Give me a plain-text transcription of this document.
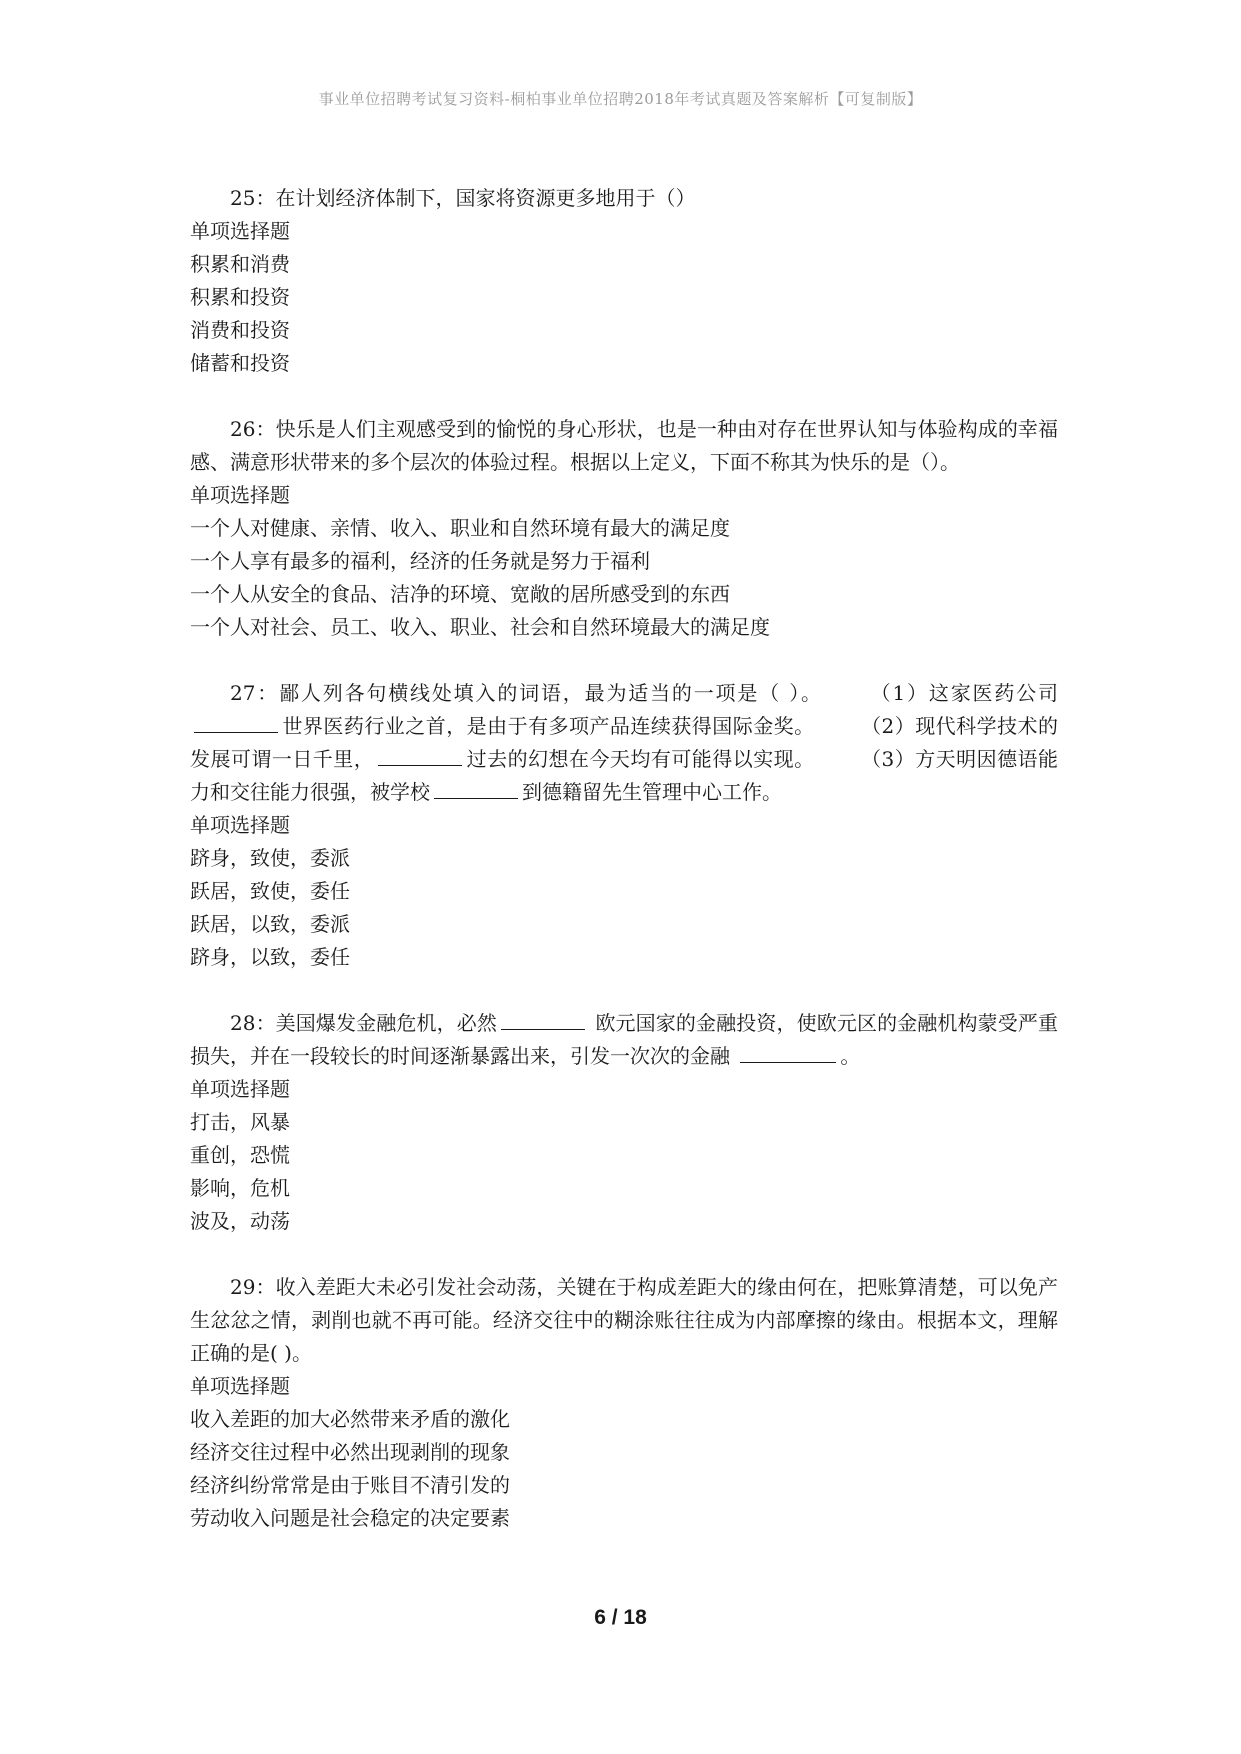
事业单位招聘考试复习资料-桐柏事业单位招聘2018年考试真题及答案解析【可复制版】

25：在计划经济体制下，国家将资源更多地用于（）

单项选择题

积累和消费

积累和投资

消费和投资

储蓄和投资

26：快乐是人们主观感受到的愉悦的身心形状，也是一种由对存在世界认知与体验构成的幸福感、满意形状带来的多个层次的体验过程。根据以上定义，下面不称其为快乐的是（）。

单项选择题

一个人对健康、亲情、收入、职业和自然环境有最大的满足度

一个人享有最多的福利，经济的任务就是努力于福利

一个人从安全的食品、洁净的环境、宽敞的居所感受到的东西

一个人对社会、员工、收入、职业、社会和自然环境最大的满足度

27：鄙人列各句横线处填入的词语，最为适当的一项是（ ）。 （1）这家医药公司世界医药行业之首，是由于有多项产品连续获得国际金奖。 （2）现代科学技术的发展可谓一日千里，	过去的幻想在今天均有可能得以实现。 （3）方天明因德语能力和交往能力很强，被学校	到德籍留先生管理中心工作。

单项选择题

跻身，致使，委派

跃居，致使，委任

跃居，以致，委派

跻身，以致，委任

28：美国爆发金融危机，必然	欧元国家的金融投资，使欧元区的金融机构蒙受严重损失，并在一段较长的时间逐渐暴露出来，引发一次次的金融	。

单项选择题

打击，风暴

重创，恐慌

影响，危机

波及，动荡

29：收入差距大未必引发社会动荡，关键在于构成差距大的缘由何在，把账算清楚，可以免产生忿忿之情，剥削也就不再可能。经济交往中的糊涂账往往成为内部摩擦的缘由。根据本文，理解正确的是( )。

单项选择题

收入差距的加大必然带来矛盾的激化

经济交往过程中必然出现剥削的现象

经济纠纷常常是由于账目不清引发的

劳动收入问题是社会稳定的决定要素

6 / 18
